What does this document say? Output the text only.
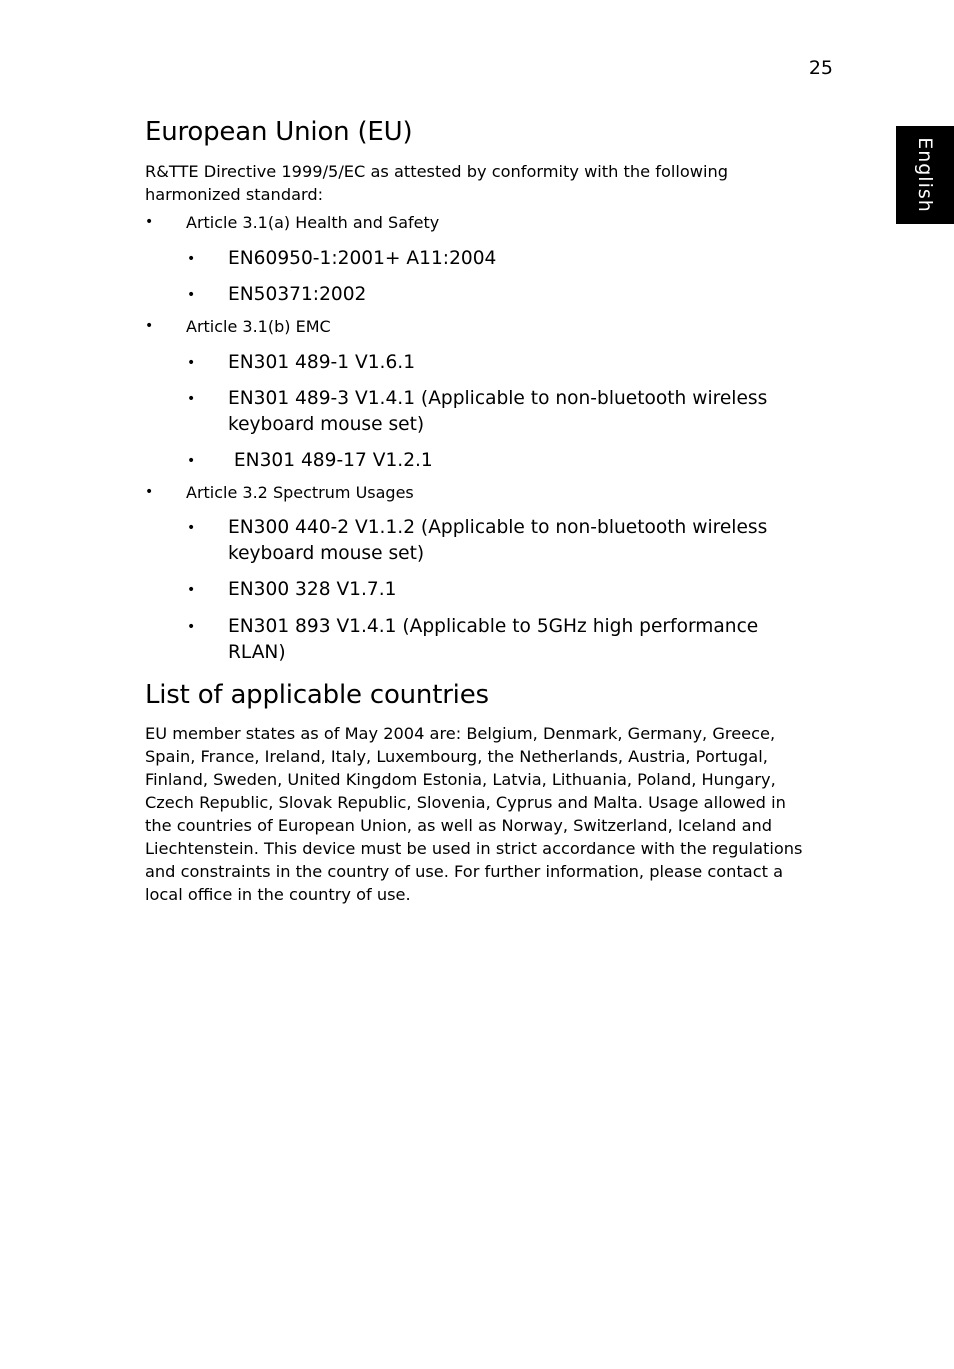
25
English
European Union (EU)

R&TTE Directive 1999/5/EC as attested by conformity with the following

harmonized standard:

• Article 3.1(a) Health and Safety
• EN60950-1:2001+ A11:2004
• EN50371:2002
• Article 3.1(b) EMC
• EN301 489-1 V1.6.1
• EN301 489-3 V1.4.1 (Applicable to non-bluetooth wireless
keyboard mouse set)
• EN301 489-17 V1.2.1
• Article 3.2 Spectrum Usages
• EN300 440-2 V1.1.2 (Applicable to non-bluetooth wireless
keyboard mouse set)
• EN300 328 V1.7.1
• EN301 893 V1.4.1 (Applicable to 5GHz high performance
RLAN)
List of applicable countries

EU member states as of May 2004 are: Belgium, Denmark, Germany, Greece,

Spain, France, Ireland, Italy, Luxembourg, the Netherlands, Austria, Portugal,

Finland, Sweden, United Kingdom Estonia, Latvia, Lithuania, Poland, Hungary,

Czech Republic, Slovak Republic, Slovenia, Cyprus and Malta. Usage allowed in

the countries of European Union, as well as Norway, Switzerland, Iceland and

Liechtenstein. This device must be used in strict accordance with the regulations

and constraints in the country of use. For further information, please contact a

local office in the country of use.
